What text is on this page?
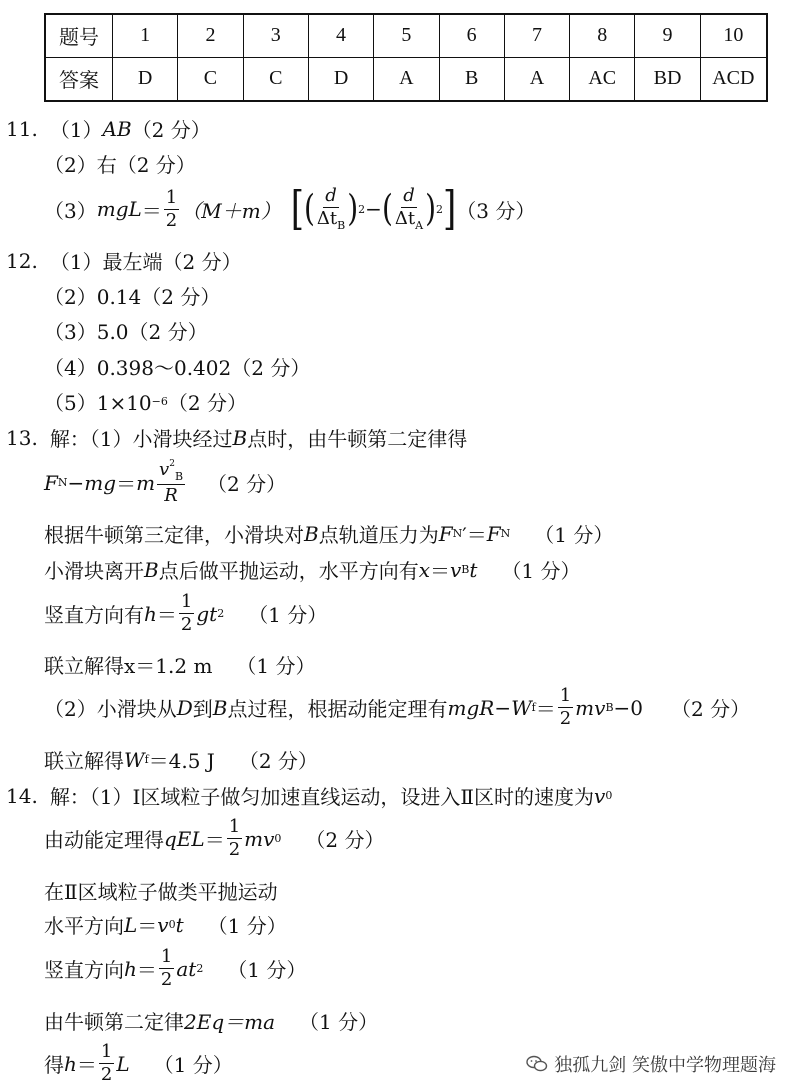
题号	1	2	3	4	5	6	7	8	9	10
答案	D	C	C	D	A	B	A	AC	BD	ACD
11. （1） AB （2 分）
（2）右（2 分）
（3） mgL ＝ $\frac{1}{2} (M+m)$ [ ( $\frac{d}{\Delta t_B}$ ) 2 − ( $\frac{d}{\Delta t_A}$ ) 2 ] （3 分）
12. （1）最左端（2 分）
（2）0.14（2 分）
（3）5.0（2 分）
（4）0.398～0.402（2 分）
（5）1×10 −6 （2 分）
13. 解：（1）小滑块经过 B 点时，由牛顿第二定律得
F N − mg ＝ m $\frac{v^2_B}{R} (2$ 分）
根据牛顿第三定律，小滑块对 B 点轨道压力为 F N ′＝ F N （1 分）
小滑块离开 B 点后做平抛运动，水平方向有 x ＝ v B t （1 分）
竖直方向有 $h = \frac{1}{2}$ gt 2 （1 分）
联立解得 x＝1.2 m （1 分）
（2）小滑块从 D 到 B 点过程，根据动能定理有 mgR − W $f = \frac{1}{2}$ mv B −0 （2 分）
联立解得 W f ＝4.5 J （2 分）
14. 解：（1）Ⅰ区域粒子做匀加速直线运动，设进入Ⅱ区时的速度为 v 0
由动能定理得 qEL ＝ $\frac{1}{2}$ mv 0 （2 分）
在Ⅱ区域粒子做类平抛运动
水平方向 L ＝ v 0 t （1 分）
竖直方向 $h = \frac{1}{2}$ at 2 （1 分）
由牛顿第二定律 2Eq＝ma （1 分）
得 $h = \frac{1}{2}$ L （1 分）	独孤九剑 笑傲中学物理题海
